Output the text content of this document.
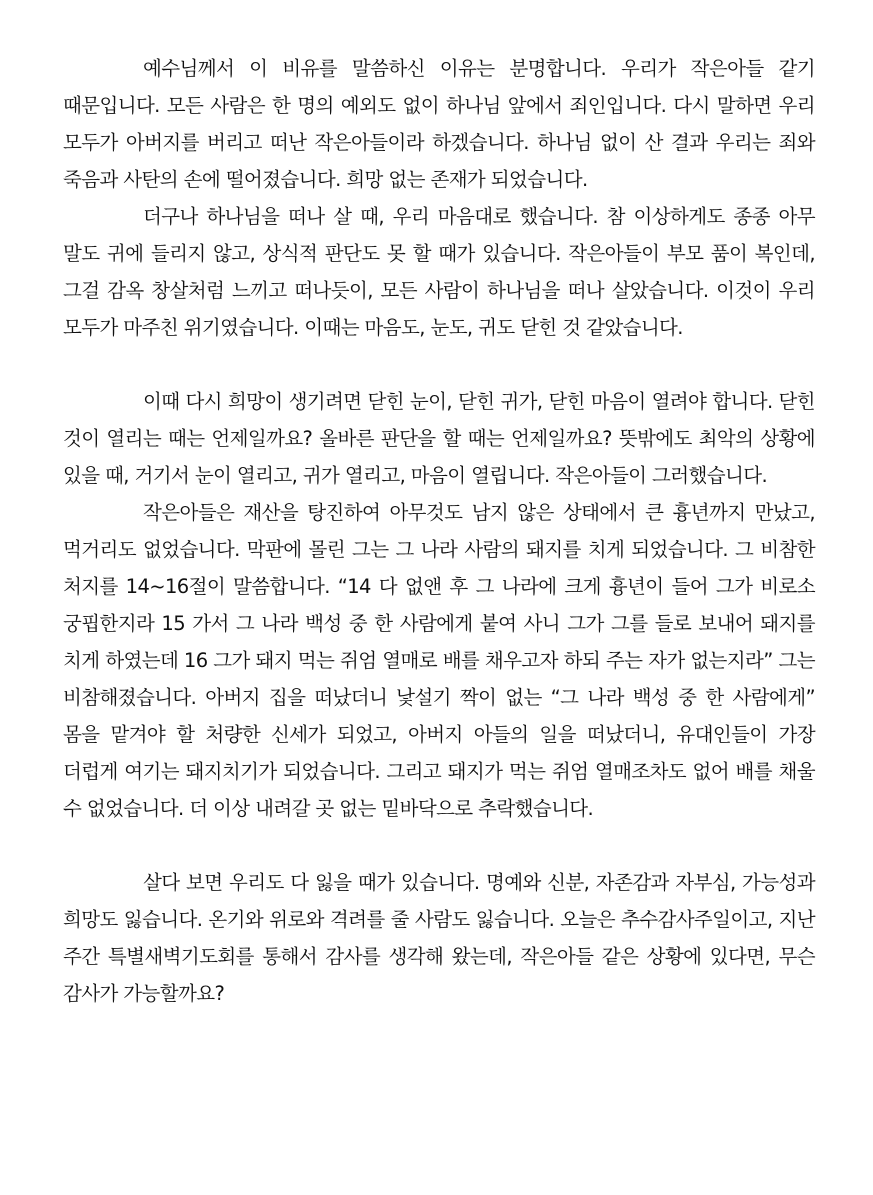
예수님께서 이 비유를 말씀하신 이유는 분명합니다. 우리가 작은아들 같기 때문입니다. 모든 사람은 한 명의 예외도 없이 하나님 앞에서 죄인입니다. 다시 말하면 우리 모두가 아버지를 버리고 떠난 작은아들이라 하겠습니다. 하나님 없이 산 결과 우리는 죄와 죽음과 사탄의 손에 떨어졌습니다. 희망 없는 존재가 되었습니다.

더구나 하나님을 떠나 살 때, 우리 마음대로 했습니다. 참 이상하게도 종종 아무 말도 귀에 들리지 않고, 상식적 판단도 못 할 때가 있습니다. 작은아들이 부모 품이 복인데, 그걸 감옥 창살처럼 느끼고 떠나듯이, 모든 사람이 하나님을 떠나 살았습니다. 이것이 우리 모두가 마주친 위기였습니다. 이때는 마음도, 눈도, 귀도 닫힌 것 같았습니다.

이때 다시 희망이 생기려면 닫힌 눈이, 닫힌 귀가, 닫힌 마음이 열려야 합니다. 닫힌 것이 열리는 때는 언제일까요? 올바른 판단을 할 때는 언제일까요? 뜻밖에도 최악의 상황에 있을 때, 거기서 눈이 열리고, 귀가 열리고, 마음이 열립니다. 작은아들이 그러했습니다.

작은아들은 재산을 탕진하여 아무것도 남지 않은 상태에서 큰 흉년까지 만났고, 먹거리도 없었습니다. 막판에 몰린 그는 그 나라 사람의 돼지를 치게 되었습니다. 그 비참한 처지를 14~16절이 말씀합니다. “14 다 없앤 후 그 나라에 크게 흉년이 들어 그가 비로소 궁핍한지라 15 가서 그 나라 백성 중 한 사람에게 붙여 사니 그가 그를 들로 보내어 돼지를 치게 하였는데 16 그가 돼지 먹는 쥐엄 열매로 배를 채우고자 하되 주는 자가 없는지라” 그는 비참해졌습니다. 아버지 집을 떠났더니 낯설기 짝이 없는 “그 나라 백성 중 한 사람에게” 몸을 맡겨야 할 처량한 신세가 되었고, 아버지 아들의 일을 떠났더니, 유대인들이 가장 더럽게 여기는 돼지치기가 되었습니다. 그리고 돼지가 먹는 쥐엄 열매조차도 없어 배를 채울 수 없었습니다. 더 이상 내려갈 곳 없는 밑바닥으로 추락했습니다.

살다 보면 우리도 다 잃을 때가 있습니다. 명예와 신분, 자존감과 자부심, 가능성과 희망도 잃습니다. 온기와 위로와 격려를 줄 사람도 잃습니다. 오늘은 추수감사주일이고, 지난 주간 특별새벽기도회를 통해서 감사를 생각해 왔는데, 작은아들 같은 상황에 있다면, 무슨 감사가 가능할까요?
